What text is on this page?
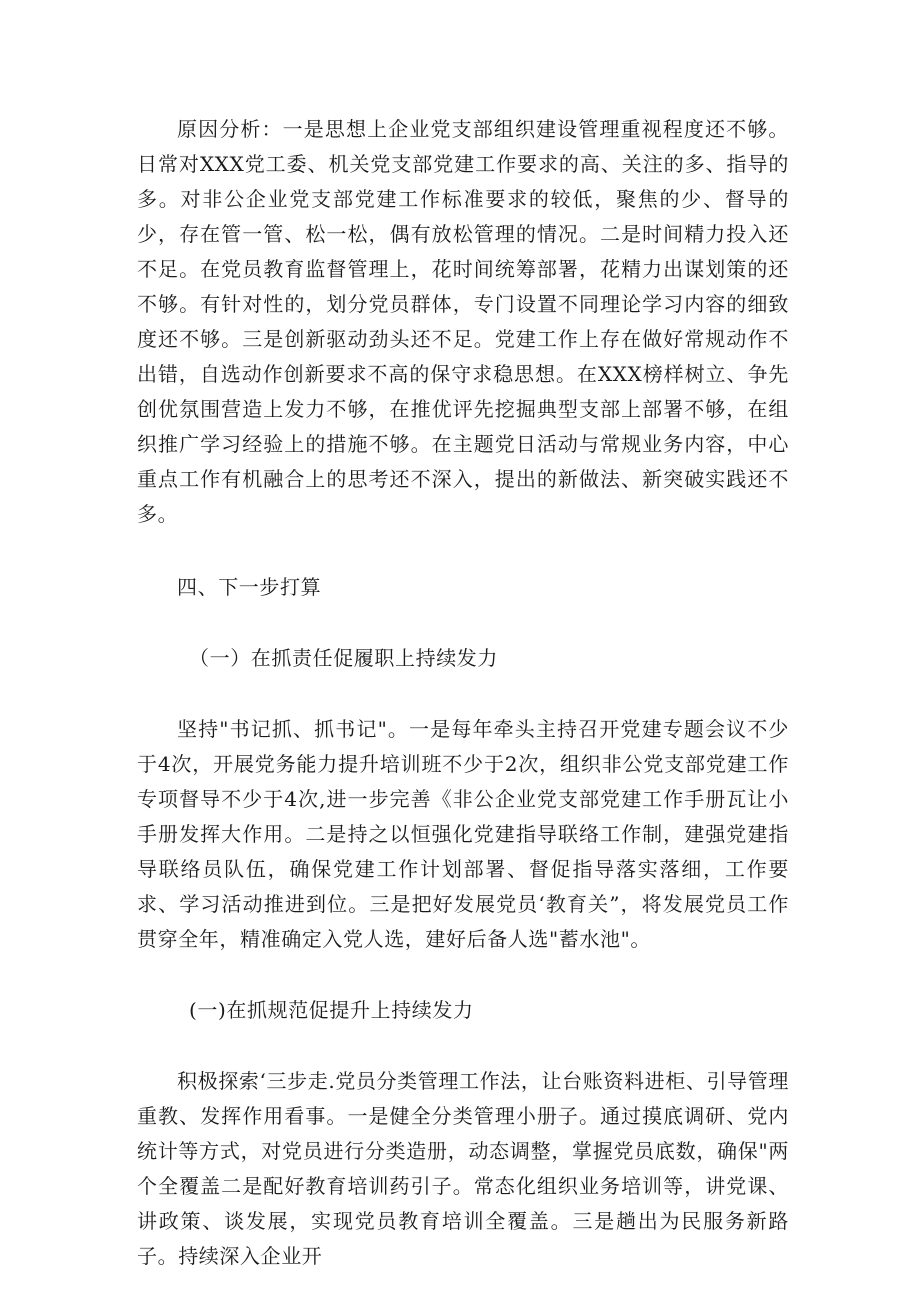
原因分析：一是思想上企业党支部组织建设管理重视程度还不够。日常对XXX党工委、机关党支部党建工作要求的高、关注的多、指导的多。对非公企业党支部党建工作标准要求的较低，聚焦的少、督导的少，存在管一管、松一松，偶有放松管理的情况。二是时间精力投入还不足。在党员教育监督管理上，花时间统筹部署，花精力出谋划策的还不够。有针对性的，划分党员群体，专门设置不同理论学习内容的细致度还不够。三是创新驱动劲头还不足。党建工作上存在做好常规动作不出错，自选动作创新要求不高的保守求稳思想。在XXX榜样树立、争先创优氛围营造上发力不够，在推优评先挖掘典型支部上部署不够，在组织推广学习经验上的措施不够。在主题党日活动与常规业务内容，中心重点工作有机融合上的思考还不深入，提出的新做法、新突破实践还不多。

四、下一步打算

（一）在抓责任促履职上持续发力

坚持"书记抓、抓书记"。一是每年牵头主持召开党建专题会议不少于4次，开展党务能力提升培训班不少于2次，组织非公党支部党建工作专项督导不少于4次,进一步完善《非公企业党支部党建工作手册瓦让小手册发挥大作用。二是持之以恒强化党建指导联络工作制，建强党建指导联络员队伍，确保党建工作计划部署、督促指导落实落细，工作要求、学习活动推进到位。三是把好发展党员‘教育关”，将发展党员工作贯穿全年，精准确定入党人选，建好后备人选"蓄水池"。

(一)在抓规范促提升上持续发力

积极探索‘三步走.党员分类管理工作法，让台账资料进柜、引导管理重教、发挥作用看事。一是健全分类管理小册子。通过摸底调研、党内统计等方式，对党员进行分类造册，动态调整，掌握党员底数，确保"两个全覆盖二是配好教育培训药引子。常态化组织业务培训等，讲党课、讲政策、谈发展，实现党员教育培训全覆盖。三是趟出为民服务新路子。持续深入企业开
